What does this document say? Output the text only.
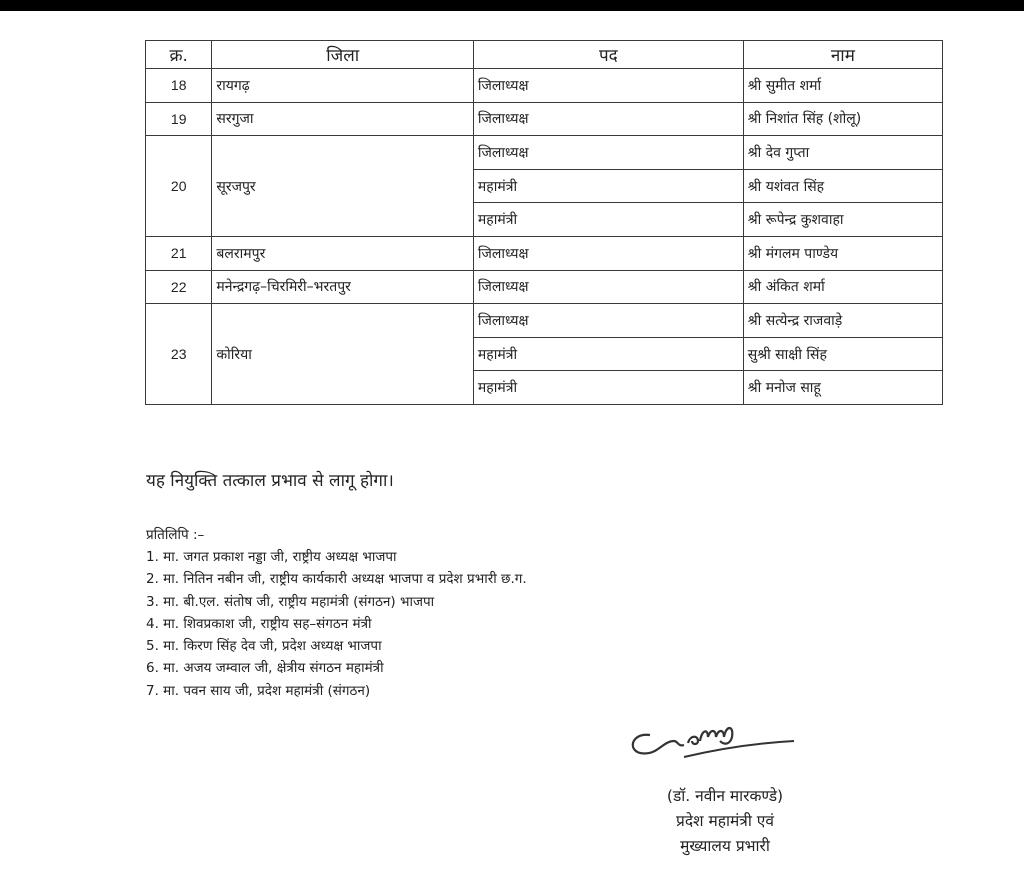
क्र.	जिला	पद	नाम
18	रायगढ़	जिलाध्यक्ष	श्री सुमीत शर्मा
19	सरगुजा	जिलाध्यक्ष	श्री निशांत सिंह (शोलू)
20	सूरजपुर	जिलाध्यक्ष	श्री देव गुप्ता
		महामंत्री	श्री यशंवत सिंह
		महामंत्री	श्री रूपेन्द्र कुशवाहा
21	बलरामपुर	जिलाध्यक्ष	श्री मंगलम पाण्डेय
22	मनेन्द्रगढ़–चिरमिरी–भरतपुर	जिलाध्यक्ष	श्री अंकित शर्मा
23	कोरिया	जिलाध्यक्ष	श्री सत्येन्द्र राजवाड़े
		महामंत्री	सुश्री साक्षी सिंह
		महामंत्री	श्री मनोज साहू
यह नियुक्ति तत्काल प्रभाव से लागू होगा।
प्रतिलिपि :–
1. मा. जगत प्रकाश नड्डा जी, राष्ट्रीय अध्यक्ष भाजपा
2. मा. नितिन नबीन जी, राष्ट्रीय कार्यकारी अध्यक्ष भाजपा व प्रदेश प्रभारी छ.ग.
3. मा. बी.एल. संतोष जी, राष्ट्रीय महामंत्री (संगठन) भाजपा
4. मा. शिवप्रकाश जी, राष्ट्रीय सह–संगठन मंत्री
5. मा. किरण सिंह देव जी, प्रदेश अध्यक्ष भाजपा
6. मा. अजय जम्वाल जी, क्षेत्रीय संगठन महामंत्री
7. मा. पवन साय जी, प्रदेश महामंत्री (संगठन)
(डॉ. नवीन मारकण्डे)
प्रदेश महामंत्री एवं
मुख्यालय प्रभारी
